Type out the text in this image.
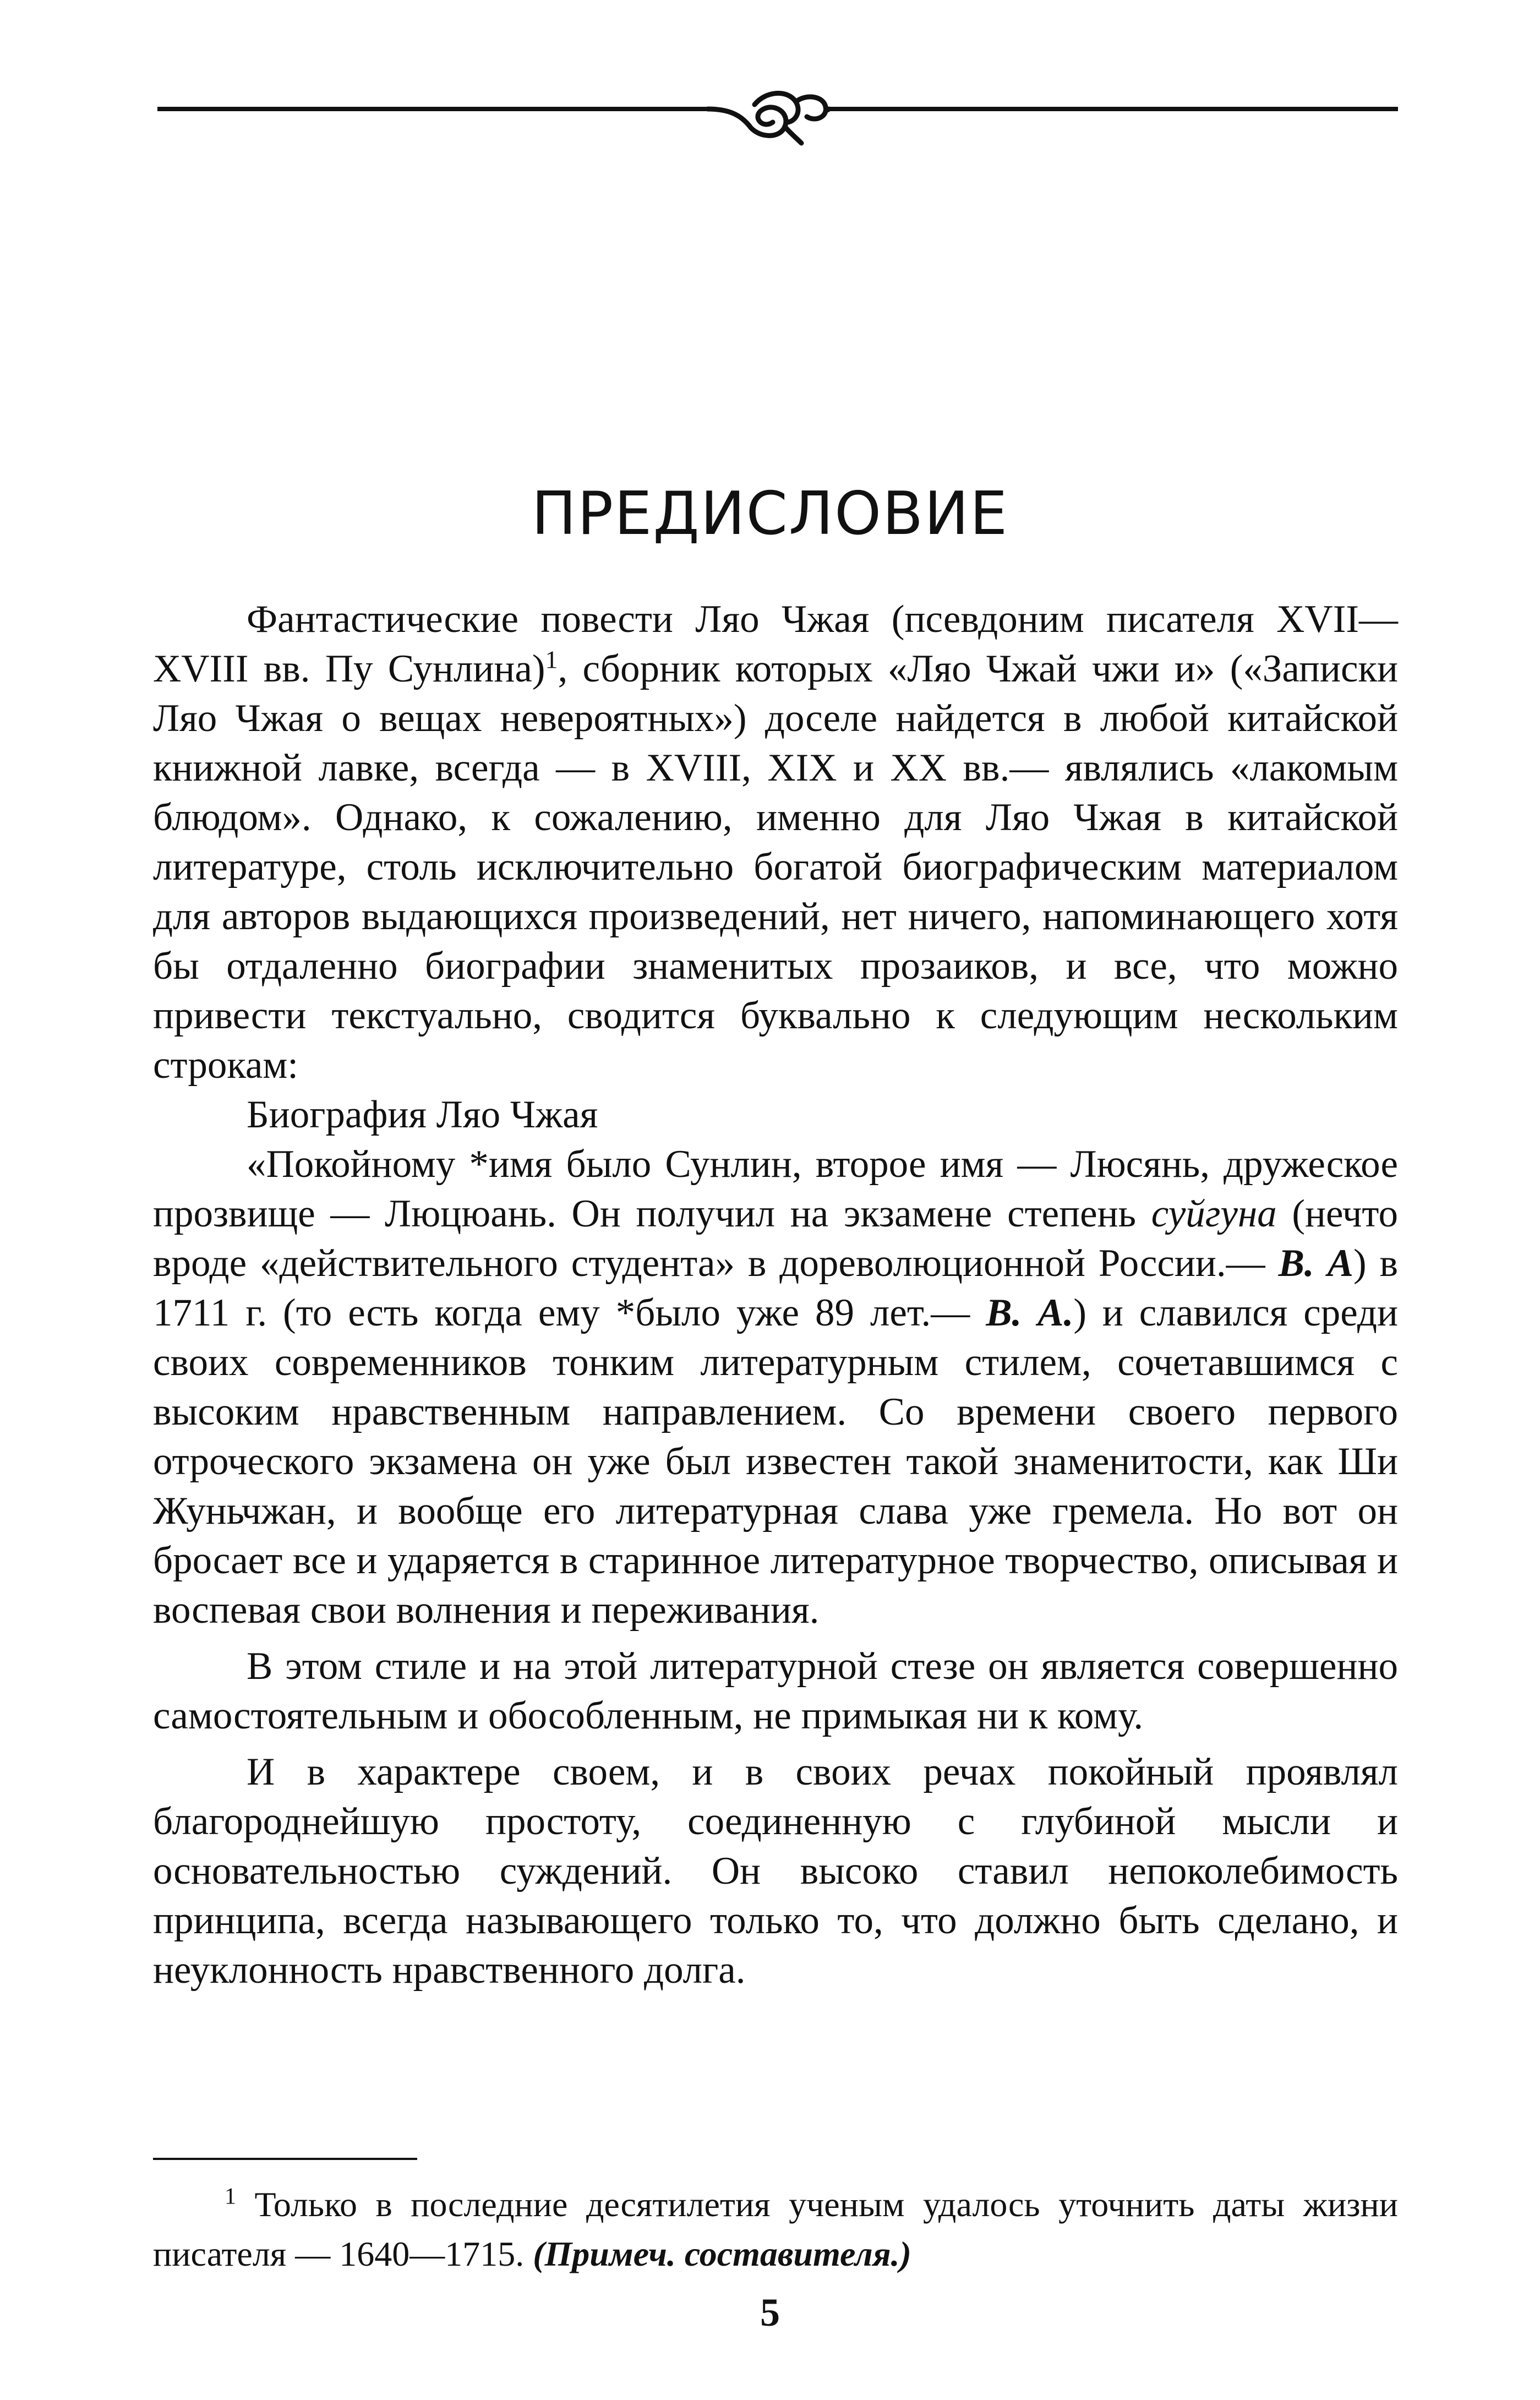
ПРЕДИСЛОВИЕ

Фантастические повести Ляо Чжая (псевдоним писателя XVII—XVIII вв. Пу Сунлина)$^1$, сборник которых «Ляо Чжай чжи и» («Записки Ляо Чжая о вещах невероятных») доселе найдется в любой китайской книжной лавке, всегда — в XVIII, XIX и XX вв.— являлись «лакомым блюдом». Однако, к сожалению, именно для Ляо Чжая в китайской литературе, столь исключительно богатой биографическим материалом для авторов выдающихся произведений, нет ничего, напоминающего хотя бы отдаленно биографии знаменитых прозаиков, и все, что можно привести текстуально, сводится буквально к следующим нескольким строкам:

Биография Ляо Чжая

«Покойному *имя было Сунлин, второе имя — Люсянь, дружеское прозвище — Люцюань. Он получил на экзамене степень суйгуна (нечто вроде «действительного студента» в дореволюционной России.— В. А) в 1711 г. (то есть когда ему *было уже 89 лет.— В. А.) и славился среди своих современников тонким литературным стилем, сочетавшимся с высоким нравственным направлением. Со времени своего первого отроческого экзамена он уже был известен такой знаменитости, как Ши Жуньчжан, и вообще его литературная слава уже гремела. Но вот он бросает все и ударяется в старинное литературное творчество, описывая и воспевая свои волнения и переживания.

В этом стиле и на этой литературной стезе он является совершенно самостоятельным и обособленным, не примыкая ни к кому.

И в характере своем, и в своих речах покойный проявлял благороднейшую простоту, соединенную с глубиной мысли и основательностью суждений. Он высоко ставил непоколебимость принципа, всегда называющего только то, что должно быть сделано, и неуклонность нравственного долга.

$^1$ Только в последние десятилетия ученым удалось уточнить даты жизни писателя — 1640—1715. (Примеч. составителя.)

5
